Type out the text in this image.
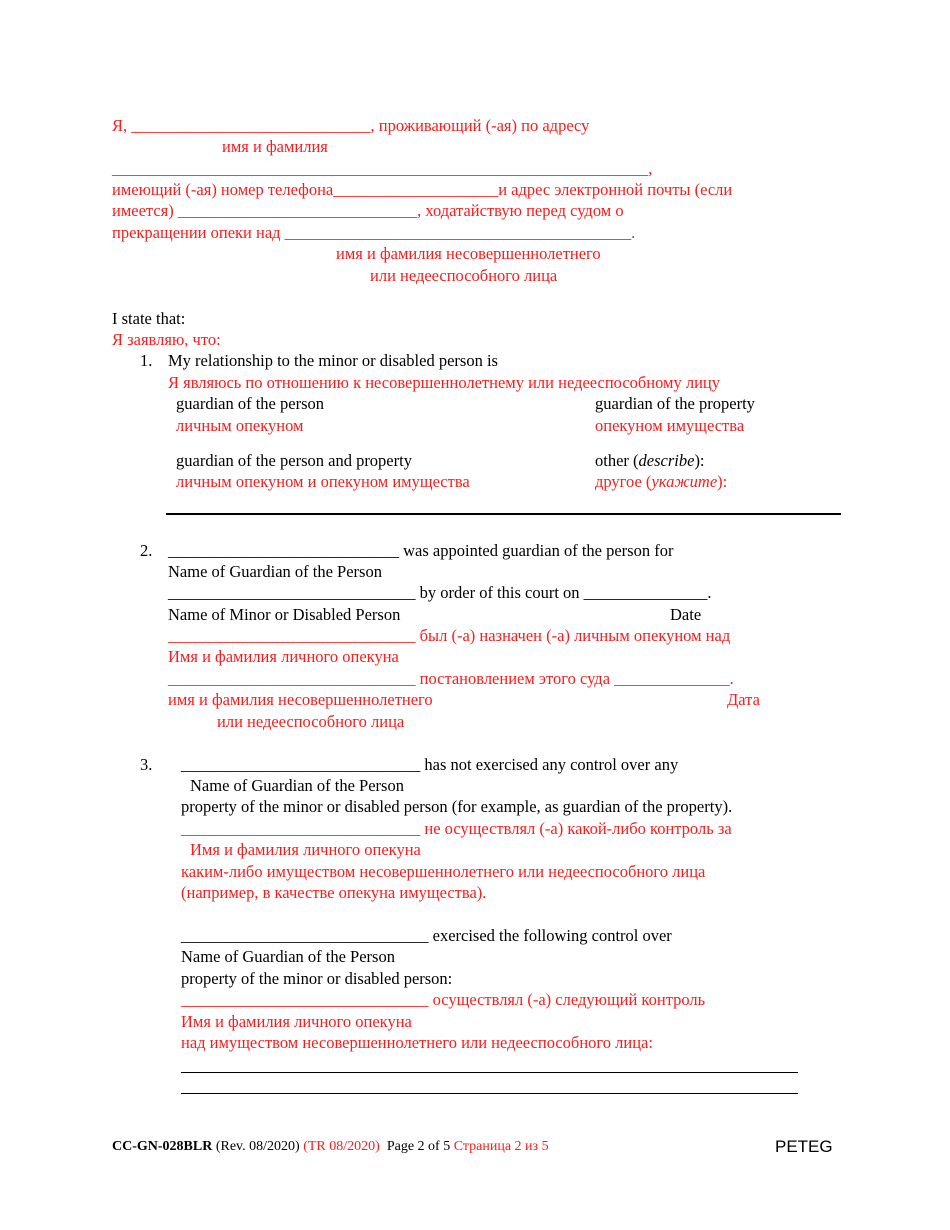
Я, _____________________________, проживающий (-ая) по адресу
имя и фамилия
_________________________________________________________________,
имеющий (-ая) номер телефона____________________и адрес электронной почты (если
имеется) _____________________________, ходатайствую перед судом о
прекращении опеки над __________________________________________.
имя и фамилия несовершеннолетнего
или недееспособного лица
I state that:
Я заявляю, что:
1. My relationship to the minor or disabled person is
Я являюсь по отношению к несовершеннолетнему или недееспособному лицу
guardian of the person
личным опекуном
guardian of the property
опекуном имущества
guardian of the person and property
личным опекуном и опекуном имущества
other (describe):
другое (укажите):
2. ____________________________ was appointed guardian of the person for
Name of Guardian of the Person
______________________________ by order of this court on _______________.
Name of Minor or Disabled Person	Date
______________________________ был (-а) назначен (-а) личным опекуном над
Имя и фамилия личного опекуна
______________________________ постановлением этого суда ______________.
имя и фамилия несовершеннолетнего	Дата
или недееспособного лица
3. _____________________________ has not exercised any control over any
Name of Guardian of the Person
property of the minor or disabled person (for example, as guardian of the property).
_____________________________ не осуществлял (-а) какой-либо контроль за
Имя и фамилия личного опекуна
каким-либо имуществом несовершеннолетнего или недееспособного лица
(например, в качестве опекуна имущества).
______________________________ exercised the following control over
Name of Guardian of the Person
property of the minor or disabled person:
______________________________ осуществлял (-а) следующий контроль
Имя и фамилия личного опекуна
над имуществом несовершеннолетнего или недееспособного лица:
CC-GN-028BLR (Rev. 08/2020) (TR 08/2020) Page 2 of 5 Страница 2 из 5	PETEG
